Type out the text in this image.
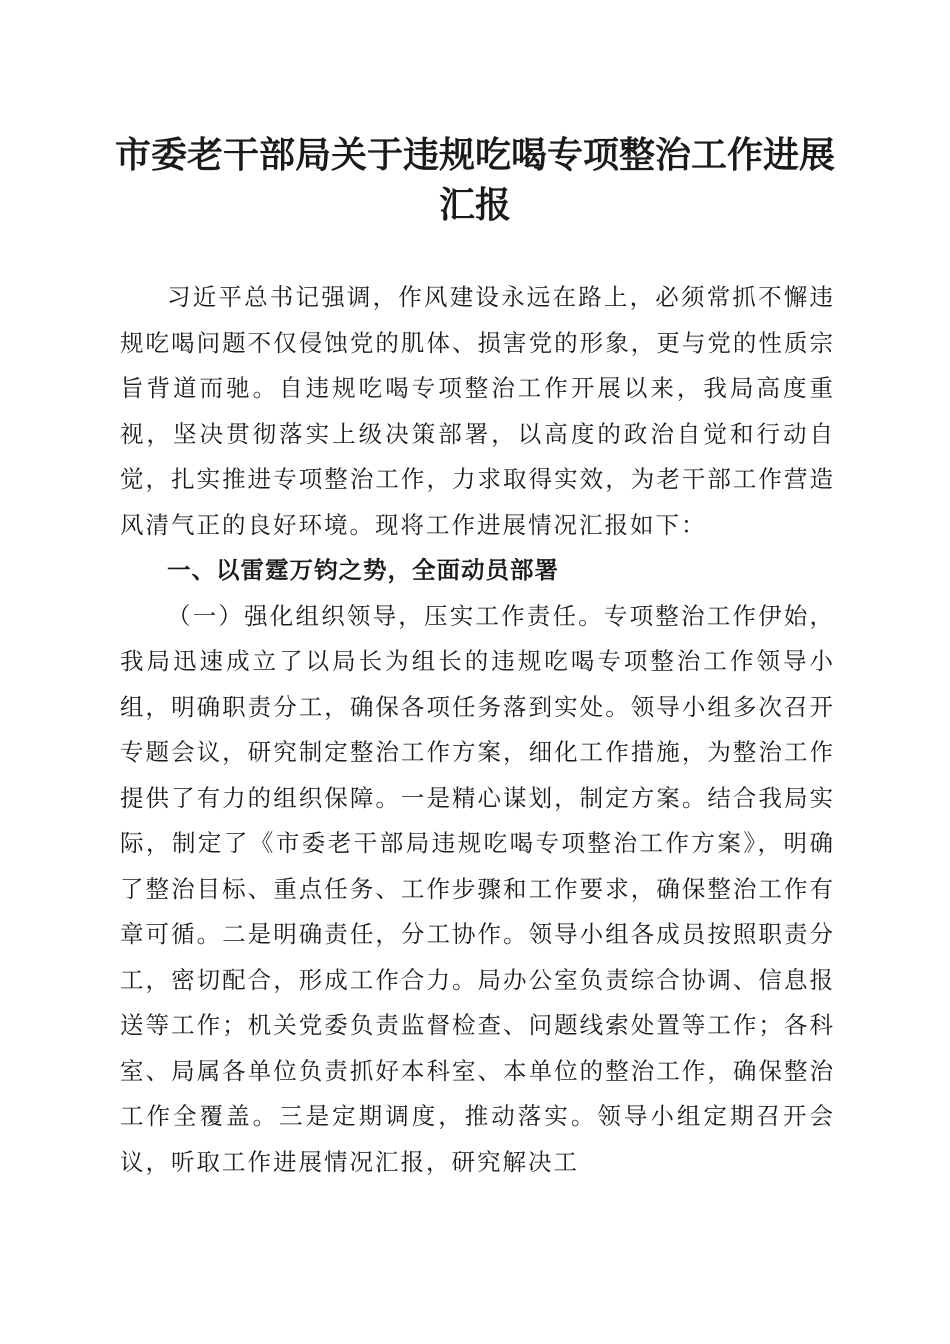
市委老干部局关于违规吃喝专项整治工作进展汇报

习近平总书记强调，作风建设永远在路上，必须常抓不懈违规吃喝问题不仅侵蚀党的肌体、损害党的形象，更与党的性质宗旨背道而驰。自违规吃喝专项整治工作开展以来，我局高度重视，坚决贯彻落实上级决策部署，以高度的政治自觉和行动自觉，扎实推进专项整治工作，力求取得实效，为老干部工作营造风清气正的良好环境。现将工作进展情况汇报如下：

一、以雷霆万钧之势，全面动员部署

（一）强化组织领导，压实工作责任。专项整治工作伊始，我局迅速成立了以局长为组长的违规吃喝专项整治工作领导小组，明确职责分工，确保各项任务落到实处。领导小组多次召开专题会议，研究制定整治工作方案，细化工作措施，为整治工作提供了有力的组织保障。一是精心谋划，制定方案。结合我局实际，制定了《市委老干部局违规吃喝专项整治工作方案》，明确了整治目标、重点任务、工作步骤和工作要求，确保整治工作有章可循。二是明确责任，分工协作。领导小组各成员按照职责分工，密切配合，形成工作合力。局办公室负责综合协调、信息报送等工作；机关党委负责监督检查、问题线索处置等工作；各科室、局属各单位负责抓好本科室、本单位的整治工作，确保整治工作全覆盖。三是定期调度，推动落实。领导小组定期召开会议，听取工作进展情况汇报，研究解决工
